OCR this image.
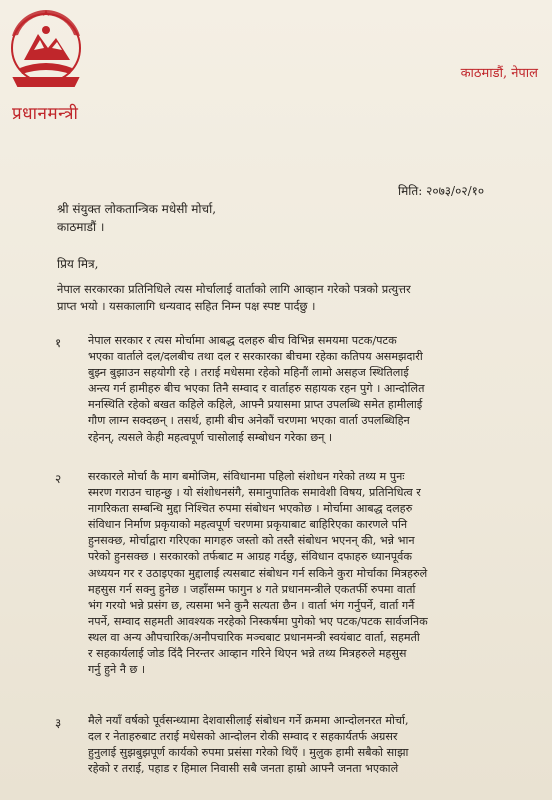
प्रधानमन्त्री
काठमाडौं, नेपाल
मिति: २०७३/०२/१०
श्री संयुक्त लोकतान्त्रिक मधेसी मोर्चा,
काठमाडौं ।
प्रिय मित्र,
नेपाल सरकारका प्रतिनिधिले त्यस मोर्चालाई वार्ताको लागि आव्हान गरेको पत्रको प्रत्युत्तर
प्राप्त भयो । यसकालागि धन्यवाद सहित निम्न पक्ष स्पष्ट पार्दछु ।
१ नेपाल सरकार र त्यस मोर्चामा आबद्ध दलहरु बीच विभिन्न समयमा पटक/पटक
भएका वार्ताले दल/दलबीच तथा दल र सरकारका बीचमा रहेका कतिपय असमझदारी
बुझ्न बुझाउन सहयोगी रहे । तराई मधेसमा रहेको महिनौं लामो असहज स्थितिलाई
अन्त्य गर्न हामीहरु बीच भएका तिनै सम्वाद र वार्ताहरु सहायक रहन पुगे । आन्दोलित
मनस्थिति रहेको बखत कहिले कहिले, आफ्नै प्रयासमा प्राप्त उपलब्धि समेत हामीलाई
गौण लाग्न सक्दछन् । तसर्थ, हामी बीच अनेकौं चरणमा भएका वार्ता उपलब्धिहिन
रहेनन्, त्यसले केही महत्वपूर्ण चासोलाई सम्बोधन गरेका छन् ।
२ सरकारले मोर्चा कै माग बमोजिम, संविधानमा पहिलो संशोधन गरेको तथ्य म पुनः
स्मरण गराउन चाहन्छु । यो संशोधनसंगै, समानुपातिक समावेशी विषय, प्रतिनिधित्व र
नागरिकता सम्बन्धि मुद्दा निश्चित रुपमा संबोधन भएकोछ । मोर्चामा आबद्ध दलहरु
संविधान निर्माण प्रकृयाको महत्वपूर्ण चरणमा प्रकृयाबाट बाहिरिएका कारणले पनि
हुनसक्छ, मोर्चाद्वारा गरिएका मागहरु जस्तो को तस्तै संबोधन भएनन् की, भन्ने भान
परेको हुनसक्छ । सरकारको तर्फबाट म आग्रह गर्दछु, संविधान दफाहरु ध्यानपूर्वक
अध्ययन गर र उठाइएका मुद्दालाई त्यसबाट संबोधन गर्न सकिने कुरा मोर्चाका मित्रहरुले
महसुस गर्न सक्नु हुनेछ । जहाँसम्म फागुन ४ गते प्रधानमन्त्रीले एकतर्फी रुपमा वार्ता
भंग गरयो भन्ने प्रसंग छ, त्यसमा भने कुनै सत्यता छैन । वार्ता भंग गर्नुपर्ने, वार्ता गर्नै
नपर्ने, सम्वाद सहमती आवश्यक नरहेको निस्कर्षमा पुगेको भए पटक/पटक सार्वजनिक
स्थल वा अन्य औपचारिक/अनौपचारिक मञ्चबाट प्रधानमन्त्री स्वयंबाट वार्ता, सहमती
र सहकार्यलाई जोड दिंदै निरन्तर आव्हान गरिने थिएन भन्ने तथ्य मित्रहरुले महसुस
गर्नु हुने नै छ ।
३ मैले नयाँ वर्षको पूर्वसन्ध्यामा देशवासीलाई संबोधन गर्ने क्रममा आन्दोलनरत मोर्चा,
दल र नेताहरुबाट तराई मधेसको आन्दोलन रोकी सम्वाद र सहकार्यतर्फ अग्रसर
हुनुलाई सुझबुझपूर्ण कार्यको रुपमा प्रसंसा गरेको थिएँ । मुलुक हामी सबैको साझा
रहेको र तराई, पहाड र हिमाल निवासी सबै जनता हाम्रो आफ्नै जनता भएकाले
